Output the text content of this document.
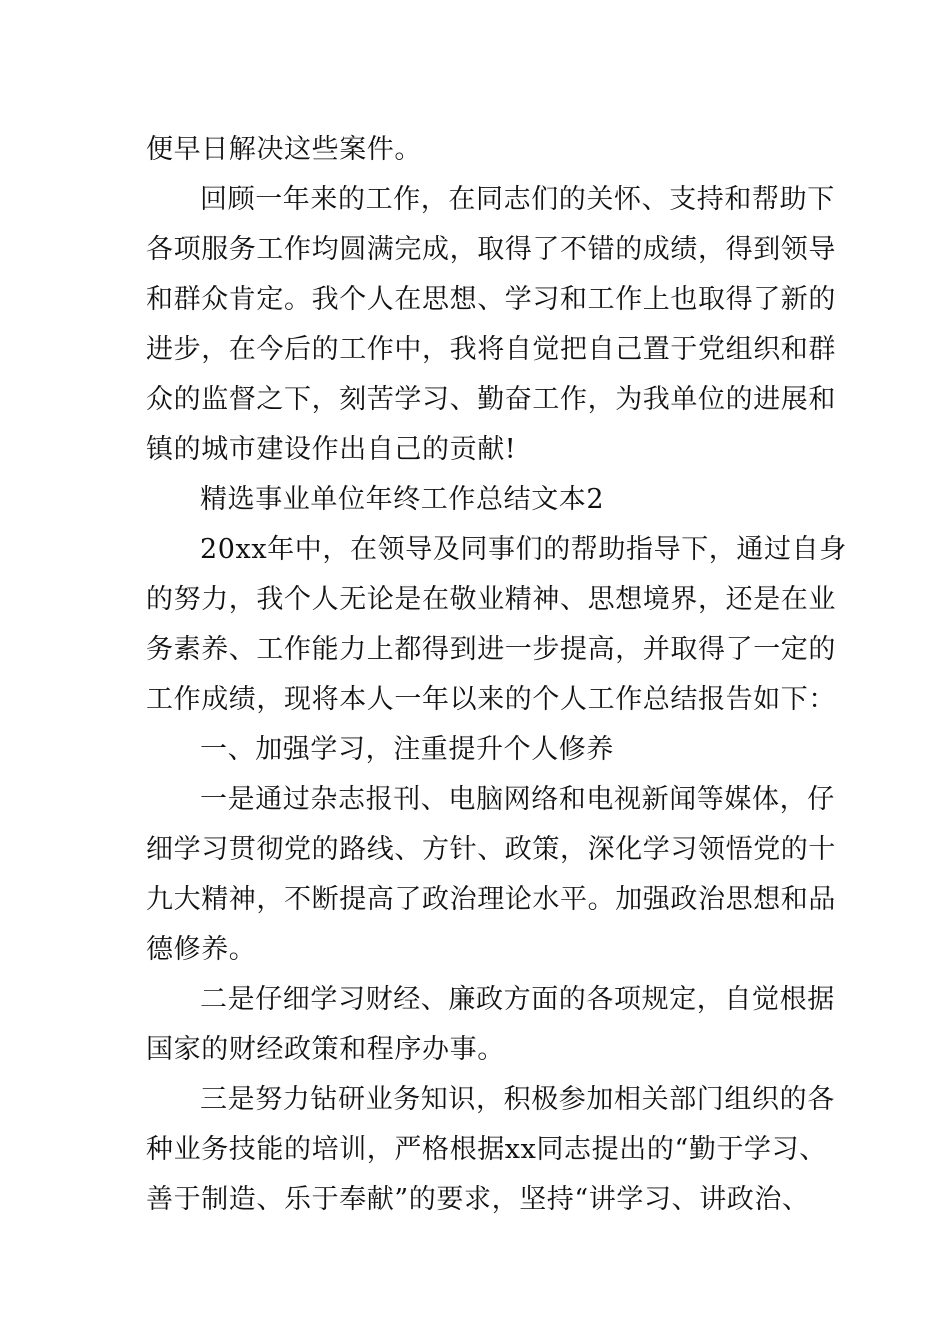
便早日解决这些案件。
回顾一年来的工作，在同志们的关怀、支持和帮助下
各项服务工作均圆满完成，取得了不错的成绩，得到领导
和群众肯定。我个人在思想、学习和工作上也取得了新的
进步，在今后的工作中，我将自觉把自己置于党组织和群
众的监督之下，刻苦学习、勤奋工作，为我单位的进展和
镇的城市建设作出自己的贡献!
精选事业单位年终工作总结文本2
20xx年中，在领导及同事们的帮助指导下，通过自身
的努力，我个人无论是在敬业精神、思想境界，还是在业
务素养、工作能力上都得到进一步提高，并取得了一定的
工作成绩，现将本人一年以来的个人工作总结报告如下：
一、加强学习，注重提升个人修养
一是通过杂志报刊、电脑网络和电视新闻等媒体，仔
细学习贯彻党的路线、方针、政策，深化学习领悟党的十
九大精神，不断提高了政治理论水平。加强政治思想和品
德修养。
二是仔细学习财经、廉政方面的各项规定，自觉根据
国家的财经政策和程序办事。
三是努力钻研业务知识，积极参加相关部门组织的各
种业务技能的培训，严格根据xx同志提出的“勤于学习、
善于制造、乐于奉献”的要求，坚持“讲学习、讲政治、
